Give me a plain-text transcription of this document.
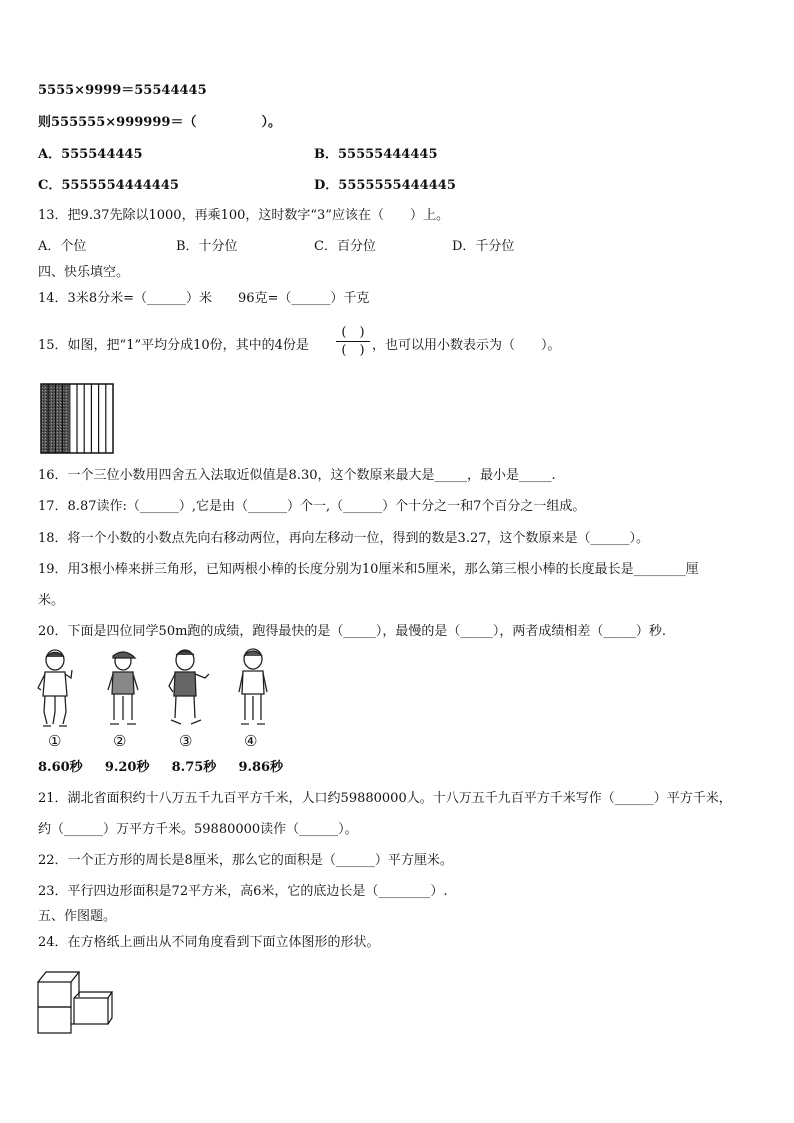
5555×9999＝55544445
则555555×999999＝（　　　　　）。
A．555544445	B．55555444445
C．5555554444445	D．5555555444445
13．把9.37先除以1000，再乘100，这时数字“3”应该在（　　）上。
A．个位	B．十分位	C．百分位	D．千分位
四、快乐填空。
14．3米8分米=（______）米　　96克=（______）千克
15．如图，把“1”平均分成10份，其中的4份是
(　)
(　) ，也可以用小数表示为（　　）。
16．一个三位小数用四舍五入法取近似值是8.30，这个数原来最大是_____，最小是_____.
17．8.87读作:（______）,它是由（______）个一,（______）个十分之一和7个百分之一组成。
18．将一个小数的小数点先向右移动两位，再向左移动一位，得到的数是3.27，这个数原来是（______）。
19．用3根小棒来拼三角形，已知两根小棒的长度分别为10厘米和5厘米，那么第三根小棒的长度最长是________厘
米。
20．下面是四位同学50m跑的成绩，跑得最快的是（_____），最慢的是（_____），两者成绩相差（_____）秒.
①	②	③	④
8.60秒 9.20秒 8.75秒 9.86秒
21．湖北省面积约十八万五千九百平方千米，人口约59880000人。十八万五千九百平方千米写作（______）平方千米，
约（______）万平方千米。59880000读作（______）。
22．一个正方形的周长是8厘米，那么它的面积是（______）平方厘米。
23．平行四边形面积是72平方米，高6米，它的底边长是（________）.
五、作图题。
24．在方格纸上画出从不同角度看到下面立体图形的形状。
